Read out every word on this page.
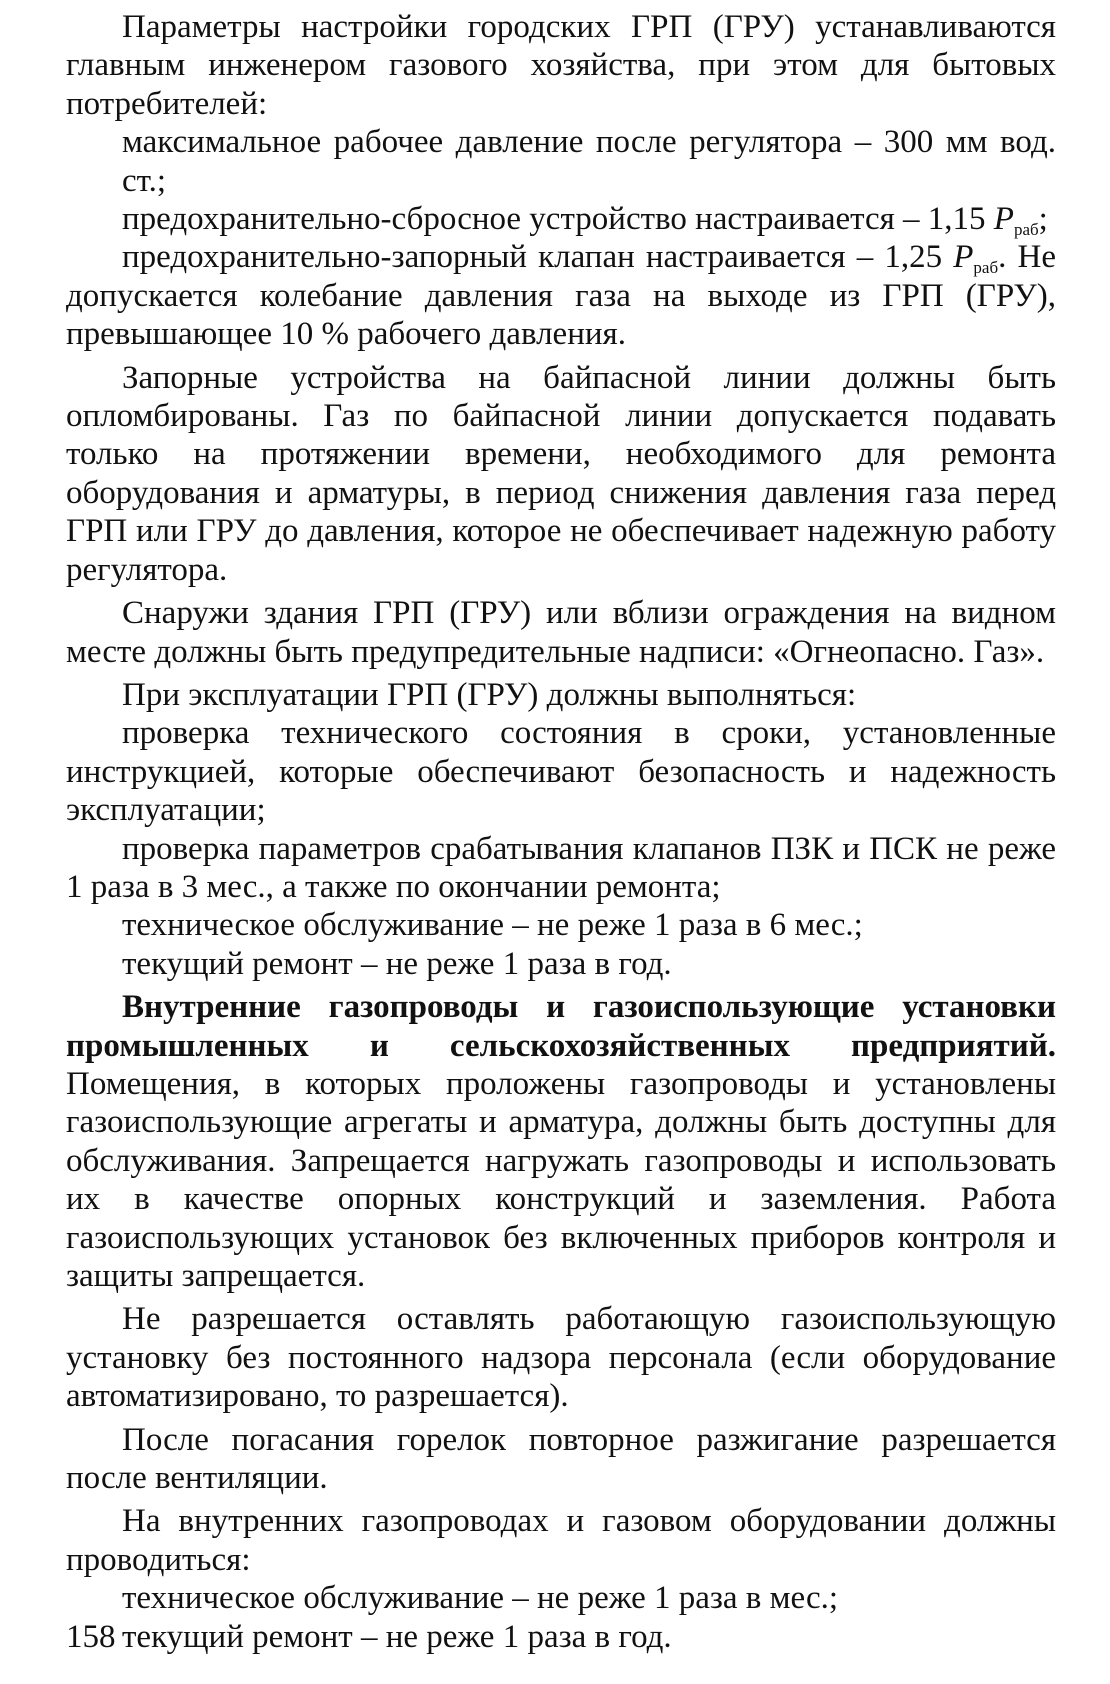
Параметры настройки городских ГРП (ГРУ) устанавливаются главным инженером газового хозяйства, при этом для бытовых потребителей:

максимальное рабочее давление после регулятора – 300 мм вод. ст.;

предохранительно-сбросное устройство настраивается – 1,15 $P_{раб}$;

предохранительно-запорный клапан настраивается – 1,25 $P_{раб}$. Не допускается колебание давления газа на выходе из ГРП (ГРУ), превышающее 10 % рабочего давления.

Запорные устройства на байпасной линии должны быть опломбированы. Газ по байпасной линии допускается подавать только на протяжении времени, необходимого для ремонта оборудования и арматуры, в период снижения давления газа перед ГРП или ГРУ до давления, которое не обеспечивает надежную работу регулятора.

Снаружи здания ГРП (ГРУ) или вблизи ограждения на видном месте должны быть предупредительные надписи: «Огнеопасно. Газ».

При эксплуатации ГРП (ГРУ) должны выполняться:

проверка технического состояния в сроки, установленные инструкцией, которые обеспечивают безопасность и надежность эксплуатации;

проверка параметров срабатывания клапанов ПЗК и ПСК не реже 1 раза в 3 мес., а также по окончании ремонта;

техническое обслуживание – не реже 1 раза в 6 мес.;

текущий ремонт – не реже 1 раза в год.

Внутренние газопроводы и газоиспользующие установки промышленных и сельскохозяйственных предприятий. Помещения, в которых проложены газопроводы и установлены газоиспользующие агрегаты и арматура, должны быть доступны для обслуживания. Запрещается нагружать газопроводы и использовать их в качестве опорных конструкций и заземления. Работа газоиспользующих установок без включенных приборов контроля и защиты запрещается.

Не разрешается оставлять работающую газоиспользующую установку без постоянного надзора персонала (если оборудование автоматизировано, то разрешается).

После погасания горелок повторное разжигание разрешается после вентиляции.

На внутренних газопроводах и газовом оборудовании должны проводиться:

техническое обслуживание – не реже 1 раза в мес.;

текущий ремонт – не реже 1 раза в год.

158
